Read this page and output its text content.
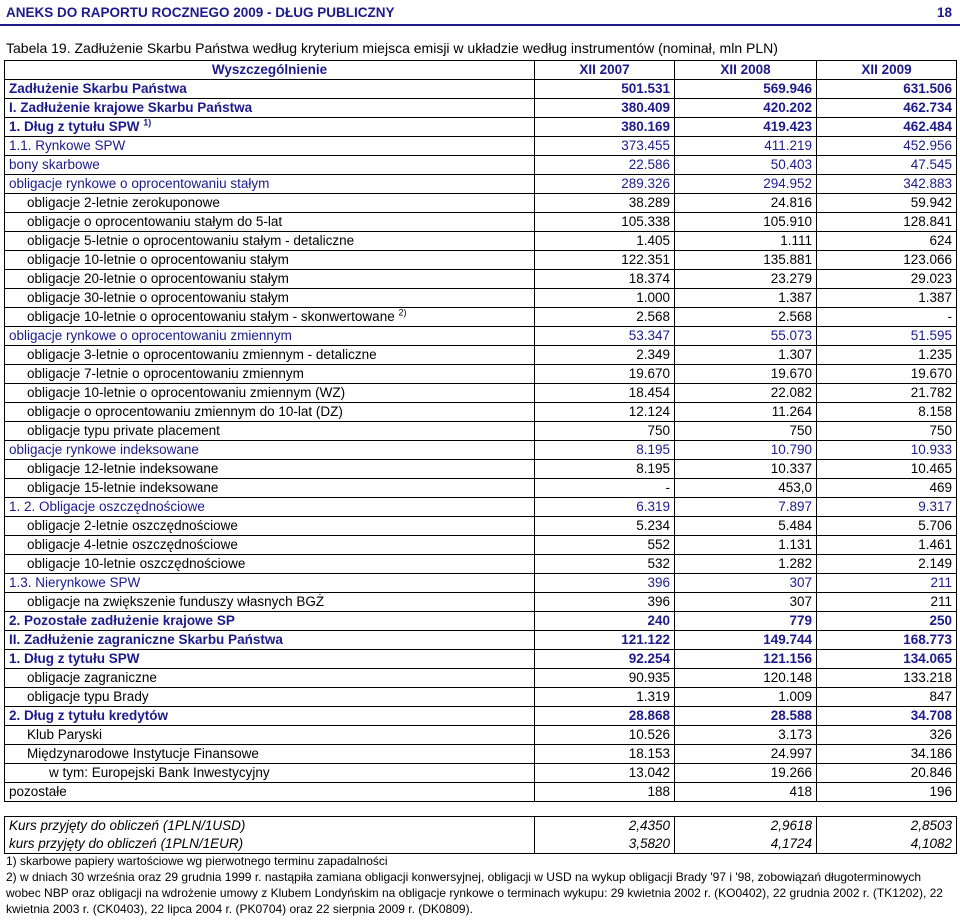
ANEKS DO RAPORTU ROCZNEGO 2009 - DŁUG PUBLICZNY	18
Tabela 19. Zadłużenie Skarbu Państwa według kryterium miejsca emisji w układzie według instrumentów (nominał, mln PLN)
Wyszczególnienie	XII 2007	XII 2008	XII 2009
Zadłużenie Skarbu Państwa	501.531	569.946	631.506
I. Zadłużenie krajowe Skarbu Państwa	380.409	420.202	462.734
1. Dług z tytułu SPW $^{1)}$	380.169	419.423	462.484
1.1. Rynkowe SPW	373.455	411.219	452.956
bony skarbowe	22.586	50.403	47.545
obligacje rynkowe o oprocentowaniu stałym	289.326	294.952	342.883
obligacje 2-letnie zerokuponowe	38.289	24.816	59.942
obligacje o oprocentowaniu stałym do 5-lat	105.338	105.910	128.841
obligacje 5-letnie o oprocentowaniu stałym - detaliczne	1.405	1.111	624
obligacje 10-letnie o oprocentowaniu stałym	122.351	135.881	123.066
obligacje 20-letnie o oprocentowaniu stałym	18.374	23.279	29.023
obligacje 30-letnie o oprocentowaniu stałym	1.000	1.387	1.387
obligacje 10-letnie o oprocentowaniu stałym - skonwertowane $^{2)}$	2.568	2.568	-
obligacje rynkowe o oprocentowaniu zmiennym	53.347	55.073	51.595
obligacje 3-letnie o oprocentowaniu zmiennym - detaliczne	2.349	1.307	1.235
obligacje 7-letnie o oprocentowaniu zmiennym	19.670	19.670	19.670
obligacje 10-letnie o oprocentowaniu zmiennym (WZ)	18.454	22.082	21.782
obligacje o oprocentowaniu zmiennym do 10-lat (DZ)	12.124	11.264	8.158
obligacje typu private placement	750	750	750
obligacje rynkowe indeksowane	8.195	10.790	10.933
obligacje 12-letnie indeksowane	8.195	10.337	10.465
obligacje 15-letnie indeksowane	-	453,0	469
1. 2. Obligacje oszczędnościowe	6.319	7.897	9.317
obligacje 2-letnie oszczędnościowe	5.234	5.484	5.706
obligacje 4-letnie oszczędnościowe	552	1.131	1.461
obligacje 10-letnie oszczędnościowe	532	1.282	2.149
1.3. Nierynkowe SPW	396	307	211
obligacje na zwiększenie funduszy własnych BGŻ	396	307	211
2. Pozostałe zadłużenie krajowe SP	240	779	250
II. Zadłużenie zagraniczne Skarbu Państwa	121.122	149.744	168.773
1. Dług z tytułu SPW	92.254	121.156	134.065
obligacje zagraniczne	90.935	120.148	133.218
obligacje typu Brady	1.319	1.009	847
2. Dług z tytułu kredytów	28.868	28.588	34.708
Klub Paryski	10.526	3.173	326
Międzynarodowe Instytucje Finansowe	18.153	24.997	34.186
w tym: Europejski Bank Inwestycyjny	13.042	19.266	20.846
pozostałe	188	418	196

Kurs przyjęty do obliczeń (1PLN/1USD)	2,4350	2,9618	2,8503
kurs przyjęty do obliczeń (1PLN/1EUR)	3,5820	4,1724	4,1082
1) skarbowe papiery wartościowe wg pierwotnego terminu zapadalności
2) w dniach 30 września oraz 29 grudnia 1999 r. nastąpiła zamiana obligacji konwersyjnej, obligacji w USD na wykup obligacji Brady '97 i '98, zobowiązań długoterminowych wobec NBP oraz obligacji na wdrożenie umowy z Klubem Londyńskim na obligacje rynkowe o terminach wykupu: 29 kwietnia 2002 r. (KO0402), 22 grudnia 2002 r. (TK1202), 22 kwietnia 2003 r. (CK0403), 22 lipca 2004 r. (PK0704) oraz 22 sierpnia 2009 r. (DK0809).
